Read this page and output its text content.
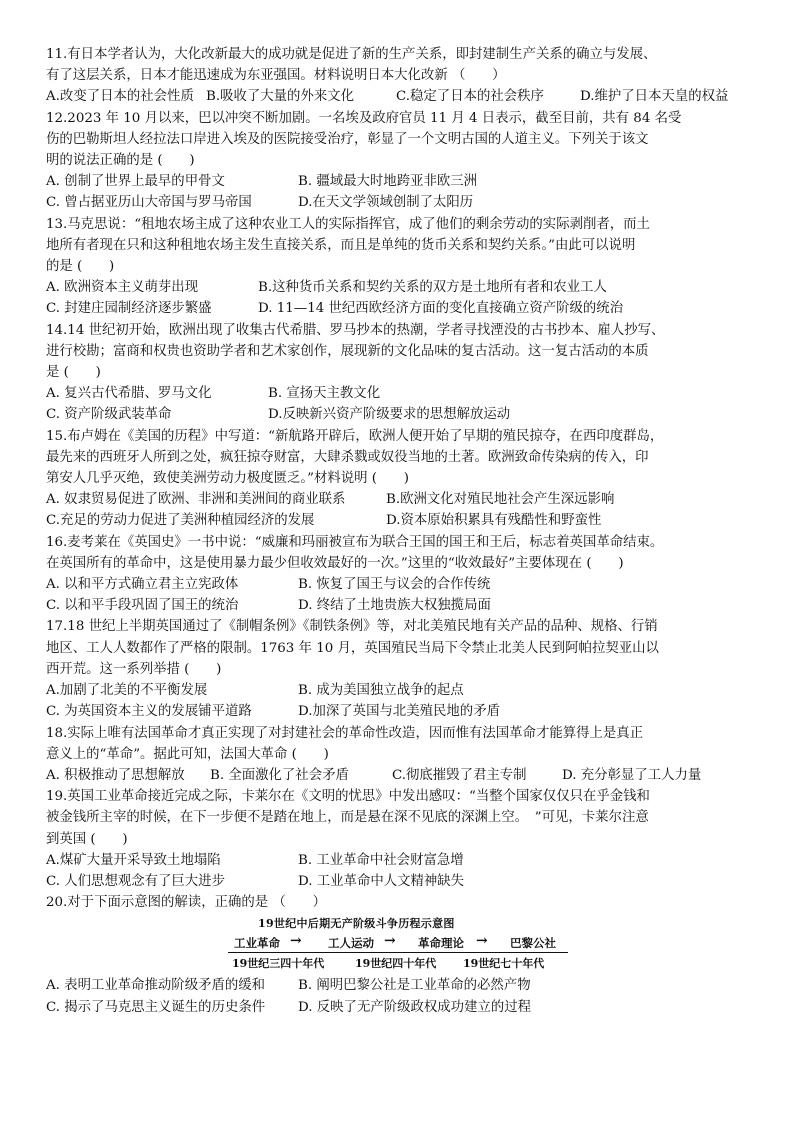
11.有日本学者认为，大化改新最大的成功就是促进了新的生产关系，即封建制生产关系的确立与发展、
有了这层关系，日本才能迅速成为东亚强国。材料说明日本大化改新 （　　）
A.改变了日本的社会性质 B.吸收了大量的外来文化	C.稳定了日本的社会秩序	D.维护了日本天皇的权益
12.2023 年 10 月以来，巴以冲突不断加剧。一名埃及政府官员 11 月 4 日表示，截至目前，共有 84 名受
伤的巴勒斯坦人经拉法口岸进入埃及的医院接受治疗，彰显了一个文明古国的人道主义。下列关于该文
明的说法正确的是 (　　)
A. 创制了世界上最早的甲骨文	B. 疆域最大时地跨亚非欧三洲
C. 曾占据亚历山大帝国与罗马帝国	D.在天文学领域创制了太阳历
13.马克思说：“租地农场主成了这种农业工人的实际指挥官，成了他们的剩余劳动的实际剥削者，而土
地所有者现在只和这种租地农场主发生直接关系，而且是单纯的货币关系和契约关系。”由此可以说明
的是 (　　)
A. 欧洲资本主义萌芽出现	B.这种货币关系和契约关系的双方是土地所有者和农业工人
C. 封建庄园制经济逐步繁盛	D. 11—14 世纪西欧经济方面的变化直接确立资产阶级的统治
14.14 世纪初开始，欧洲出现了收集古代希腊、罗马抄本的热潮，学者寻找湮没的古书抄本、雇人抄写、
进行校勘；富商和权贵也资助学者和艺术家创作，展现新的文化品味的复古活动。这一复古活动的本质
是 (　　)
A. 复兴古代希腊、罗马文化	B. 宣扬天主教文化
C. 资产阶级武装革命	D.反映新兴资产阶级要求的思想解放运动
15.布卢姆在《美国的历程》中写道：“新航路开辟后，欧洲人便开始了早期的殖民掠夺，在西印度群岛，
最先来的西班牙人所到之处，疯狂掠夺财富，大肆杀戮或奴役当地的土著。欧洲致命传染病的传入，印
第安人几乎灭绝，致使美洲劳动力极度匮乏。”材料说明 (　　)
A. 奴隶贸易促进了欧洲、非洲和美洲间的商业联系	B.欧洲文化对殖民地社会产生深远影响
C.充足的劳动力促进了美洲种植园经济的发展	D.资本原始积累具有残酷性和野蛮性
16.麦考莱在《英国史》一书中说：“威廉和玛丽被宣布为联合王国的国王和王后，标志着英国革命结束。
在英国所有的革命中，这是使用暴力最少但收效最好的一次。”这里的“收效最好”主要体现在 (　　)
A. 以和平方式确立君主立宪政体	B. 恢复了国王与议会的合作传统
C. 以和平手段巩固了国王的统治	D. 终结了土地贵族大权独揽局面
17.18 世纪上半期英国通过了《制帽条例》《制铁条例》等，对北美殖民地有关产品的品种、规格、行销
地区、工人人数都作了严格的限制。1763 年 10 月，英国殖民当局下令禁止北美人民到阿帕拉契亚山以
西开荒。这一系列举措 (　　)
A.加剧了北美的不平衡发展	B. 成为美国独立战争的起点
C. 为英国资本主义的发展铺平道路	D.加深了英国与北美殖民地的矛盾
18.实际上唯有法国革命才真正实现了对封建社会的革命性改造，因而惟有法国革命才能算得上是真正
意义上的“革命”。据此可知，法国大革命 (　　)
A. 积极推动了思想解放	B. 全面激化了社会矛盾	C.彻底摧毁了君主专制	D. 充分彰显了工人力量
19.英国工业革命接近完成之际，卡莱尔在《文明的忧思》中发出感叹：“当整个国家仅仅只在乎金钱和
被金钱所主宰的时候，在下一步便不是踏在地上，而是悬在深不见底的深渊上空。　”可见，卡莱尔注意
到英国 (　　)
A.煤矿大量开采导致土地塌陷	B. 工业革命中社会财富急增
C. 人们思想观念有了巨大进步	D. 工业革命中人文精神缺失
20.对于下面示意图的解读，正确的是 （　　）
19世纪中后期无产阶级斗争历程示意图
工业革命 → 工人运动 → 革命理论 → 巴黎公社
19世纪三四十年代	19世纪四十年代 19世纪七十年代
A. 表明工业革命推动阶级矛盾的缓和	B. 阐明巴黎公社是工业革命的必然产物
C. 揭示了马克思主义诞生的历史条件	D. 反映了无产阶级政权成功建立的过程
